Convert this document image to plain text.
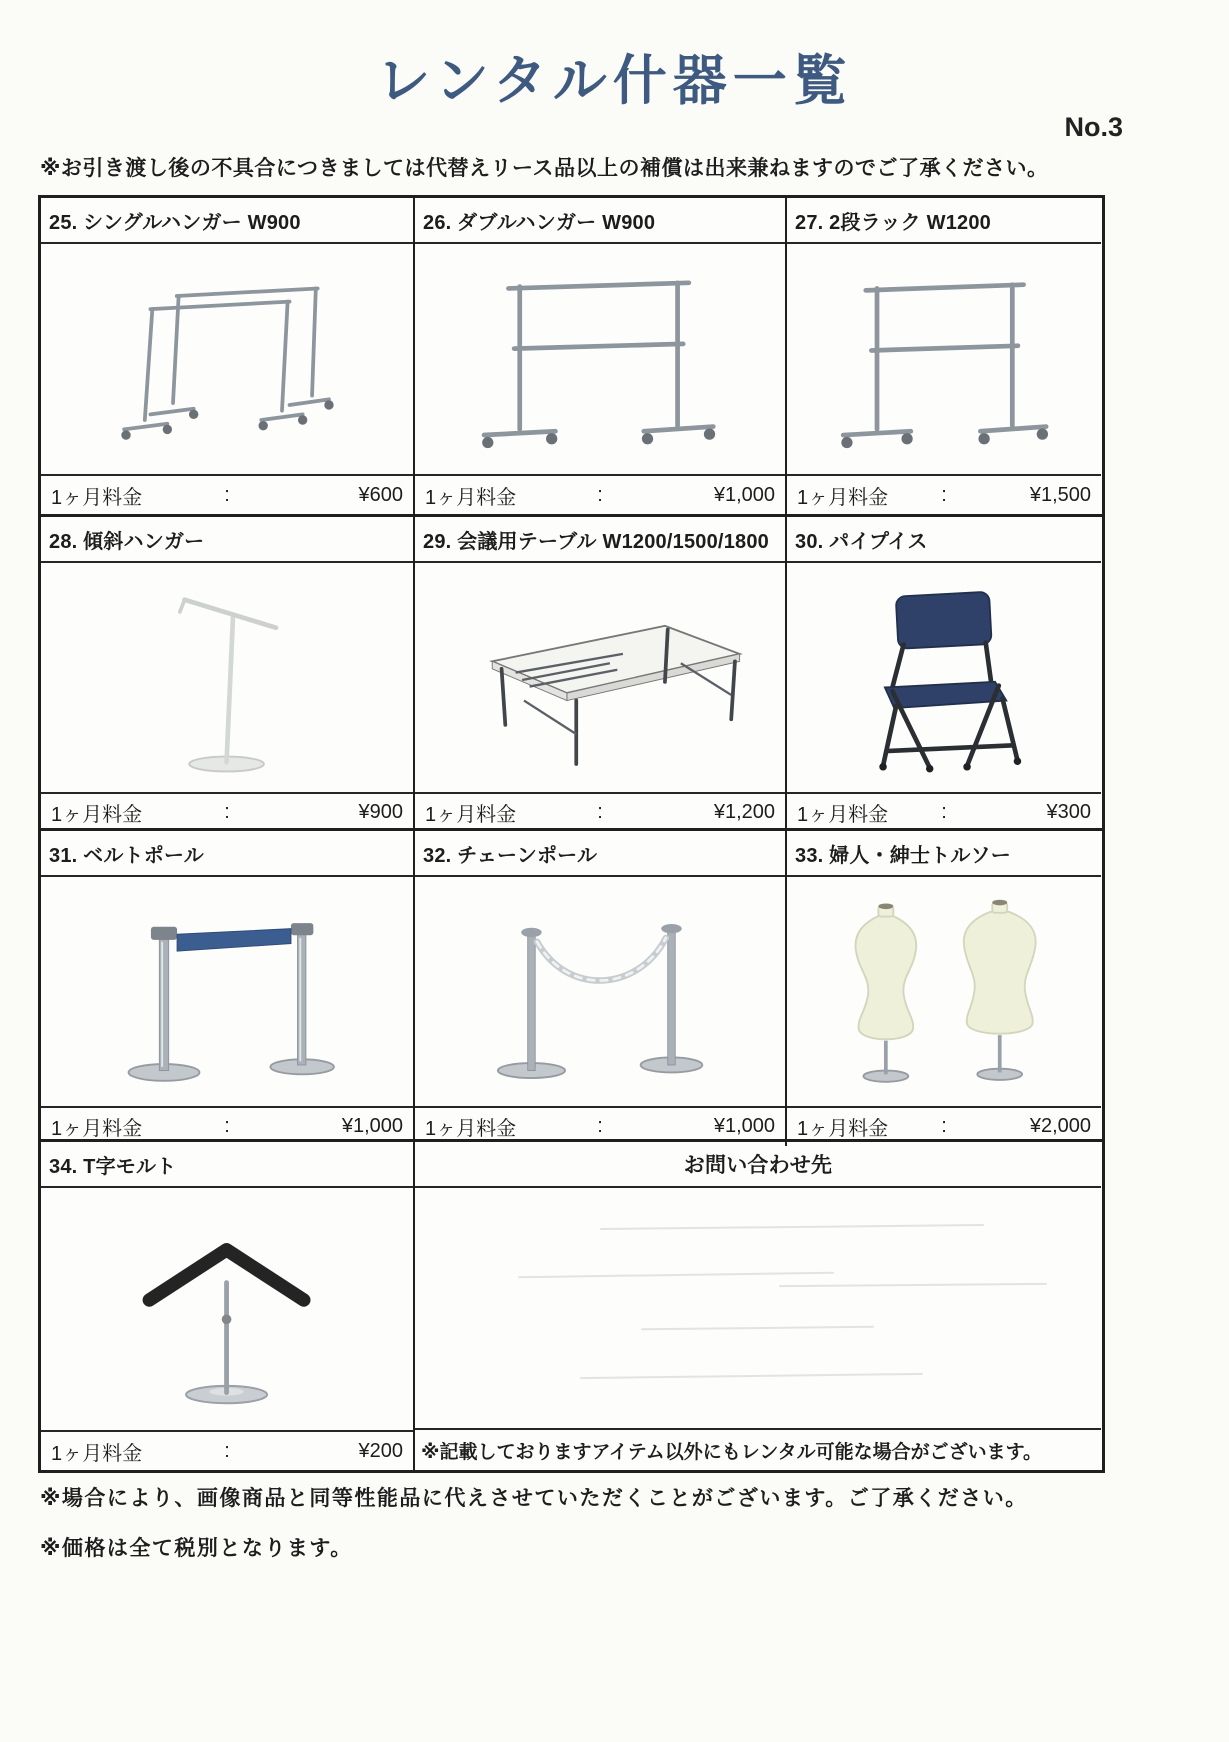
レンタル什器一覧
No.3
※お引き渡し後の不具合につきましては代替えリース品以上の補償は出来兼ねますのでご了承ください。
25. シングルハンガー W900
1ヶ月料金	:	¥600
26. ダブルハンガー W900
1ヶ月料金	:	¥1,000
27. 2段ラック W1200
1ヶ月料金	:	¥1,500
28. 傾斜ハンガー
1ヶ月料金	:	¥900
29. 会議用テーブル W1200/1500/1800
1ヶ月料金	:	¥1,200
30. パイプイス
1ヶ月料金	:	¥300
31. ベルトポール
1ヶ月料金	:	¥1,000
32. チェーンポール
1ヶ月料金	:	¥1,000
33. 婦人・紳士トルソー
1ヶ月料金	:	¥2,000
34. T字モルト
1ヶ月料金	:	¥200
お問い合わせ先
※記載しておりますアイテム以外にもレンタル可能な場合がございます。
※場合により、画像商品と同等性能品に代えさせていただくことがございます。ご了承ください。
※価格は全て税別となります。
